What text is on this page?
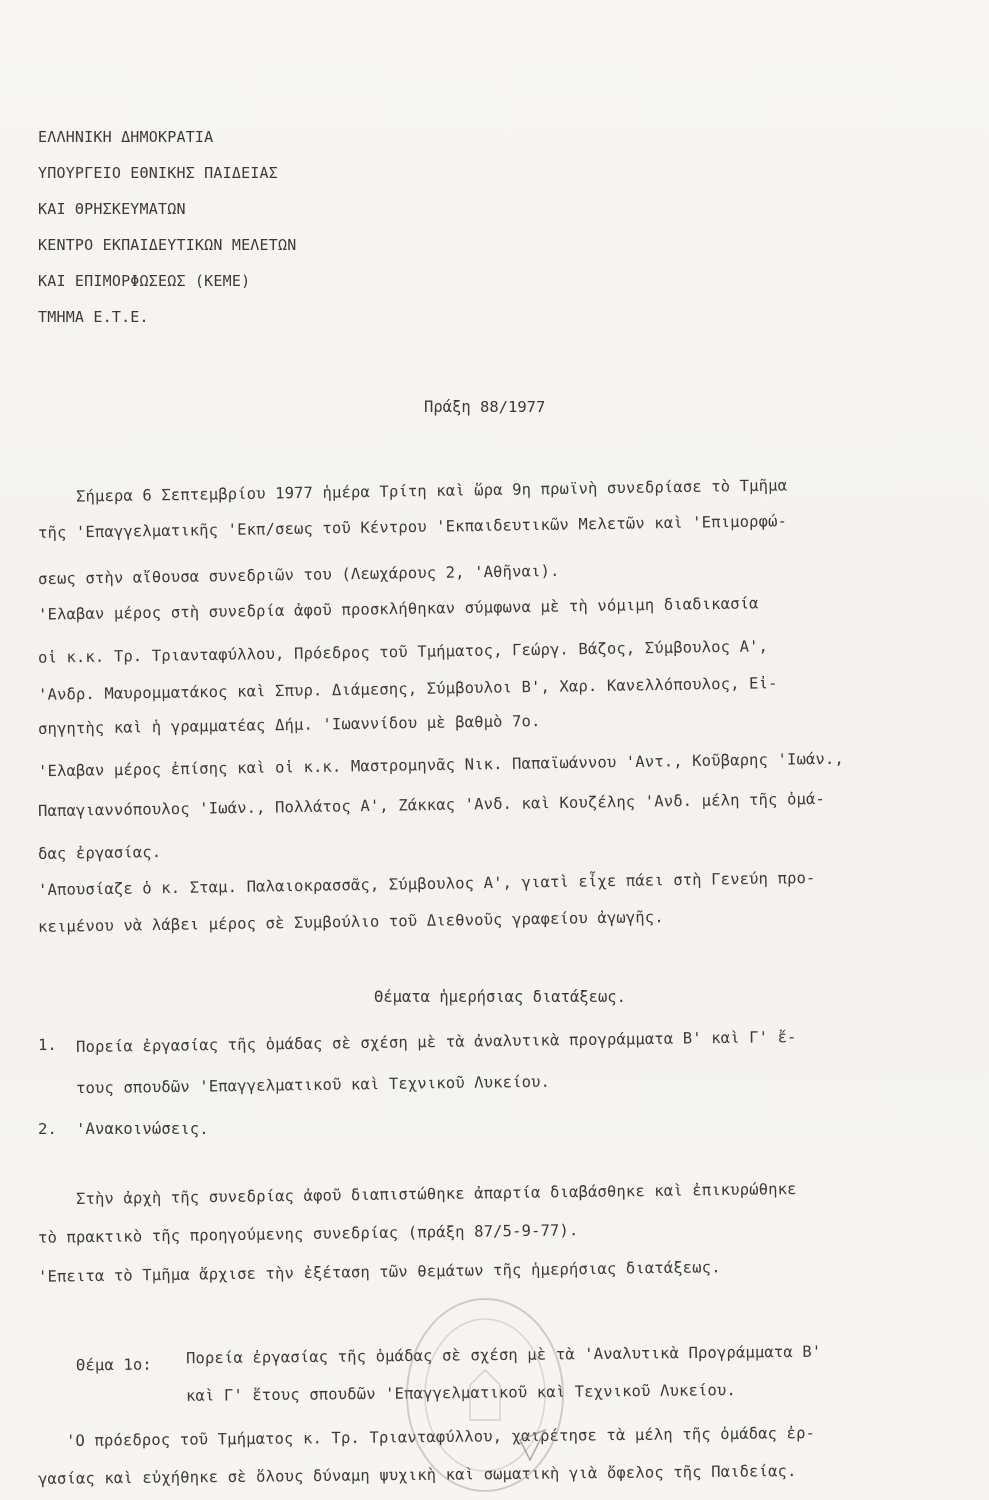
ΕΛΛΗΝΙΚΗ ΔΗΜΟΚΡΑΤΙΑ
ΥΠΟΥΡΓΕΙΟ ΕΘΝΙΚΗΣ ΠΑΙΔΕΙΑΣ
ΚΑΙ ΘΡΗΣΚΕΥΜΑΤΩΝ
ΚΕΝΤΡΟ ΕΚΠΑΙΔΕΥΤΙΚΩΝ ΜΕΛΕΤΩΝ
ΚΑΙ ΕΠΙΜΟΡΦΩΣΕΩΣ (ΚΕΜΕ)
ΤΜΗΜΑ Ε.Τ.Ε.
Πράξη 88/1977
Σήμερα 6 Σεπτεμβρίου 1977 ἡμέρα Τρίτη καὶ ὥρα 9η πρωϊνὴ συνεδρίασε τὸ Τμῆμα
τῆς 'Επαγγελματικῆς 'Εκπ/σεως τοῦ Κέντρου 'Εκπαιδευτικῶν Μελετῶν καὶ 'Επιμορφώ-
σεως στὴν αἴθουσα συνεδριῶν του (Λεωχάρους 2, 'Αθῆναι).
'Ελαβαν μέρος στὴ συνεδρία ἀφοῦ προσκλήθηκαν σύμφωνα μὲ τὴ νόμιμη διαδικασία
οἱ κ.κ. Τρ. Τριανταφύλλου, Πρόεδρος τοῦ Τμήματος, Γεώργ. Βάζος, Σύμβουλος Α',
'Ανδρ. Μαυρομματάκος καὶ Σπυρ. Διάμεσης, Σύμβουλοι Β', Χαρ. Κανελλόπουλος, Εἰ-
σηγητὴς καὶ ἡ γραμματέας Δήμ. 'Ιωαννίδου μὲ βαθμὸ 7ο.
'Ελαβαν μέρος ἐπίσης καὶ οἱ κ.κ. Μαστρομηνᾶς Νικ. Παπαϊωάννου 'Αντ., Κοῦβαρης 'Ιωάν.,
Παπαγιαννόπουλος 'Ιωάν., Πολλάτος Α', Ζάκκας 'Ανδ. καὶ Κουζέλης 'Ανδ. μέλη τῆς ὁμά-
δας ἐργασίας.
'Απουσίαζε ὁ κ. Σταμ. Παλαιοκρασσᾶς, Σύμβουλος Α', γιατὶ εἶχε πάει στὴ Γενεύη προ-
κειμένου νὰ λάβει μέρος σὲ Συμβούλιο τοῦ Διεθνοῦς γραφείου ἀγωγῆς.
Θέματα ἡμερήσιας διατάξεως.
1. Πορεία ἐργασίας τῆς ὁμάδας σὲ σχέση μὲ τὰ ἀναλυτικὰ προγράμματα Β' καὶ Γ' ἔ-
τους σπουδῶν 'Επαγγελματικοῦ καὶ Τεχνικοῦ Λυκείου.
2. 'Ανακοινώσεις.
Στὴν ἀρχὴ τῆς συνεδρίας ἀφοῦ διαπιστώθηκε ἀπαρτία διαβάσθηκε καὶ ἐπικυρώθηκε
τὸ πρακτικὸ τῆς προηγούμενης συνεδρίας (πράξη 87/5-9-77).
'Επειτα τὸ Τμῆμα ἄρχισε τὴν ἐξέταση τῶν θεμάτων τῆς ἡμερήσιας διατάξεως.
Θέμα 1ο: Πορεία ἐργασίας τῆς ὁμάδας σὲ σχέση μὲ τὰ 'Αναλυτικὰ Προγράμματα Β'
καὶ Γ' ἔτους σπουδῶν 'Επαγγελματικοῦ καὶ Τεχνικοῦ Λυκείου.
'Ο πρόεδρος τοῦ Τμήματος κ. Τρ. Τριανταφύλλου, χαιρέτησε τὰ μέλη τῆς ὁμάδας ἐρ-
γασίας καὶ εὐχήθηκε σὲ ὅλους δύναμη ψυχικὴ καὶ σωματικὴ γιὰ ὄφελος τῆς Παιδείας.
